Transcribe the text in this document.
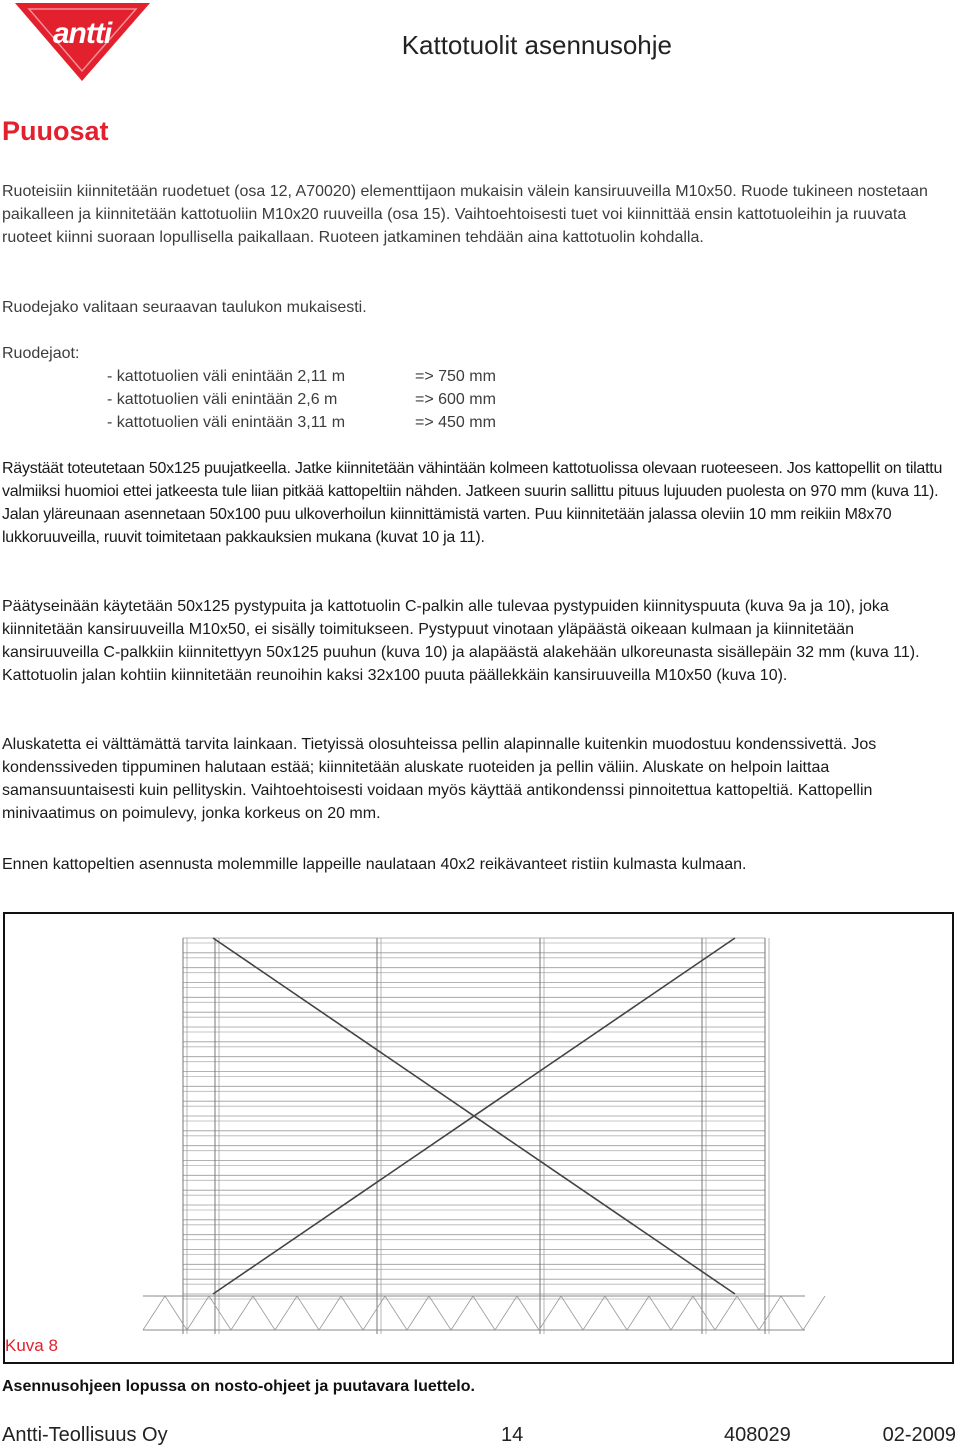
antti	Kattotuolit asennusohje
Puuosat
Ruoteisiin kiinnitetään ruodetuet (osa 12, A70020) elementtijaon mukaisin välein kansiruuveilla M10x50. Ruode tukineen nostetaan paikalleen ja kiinnitetään kattotuoliin M10x20 ruuveilla (osa 15). Vaihtoehtoisesti tuet voi kiinnittää ensin kattotuoleihin ja ruuvata ruoteet kiinni suoraan lopullisella paikallaan. Ruoteen jatkaminen tehdään aina kattotuolin kohdalla.
Ruodejako valitaan seuraavan taulukon mukaisesti.
Ruodejaot:
- kattotuolien väli enintään 2,11 m	=> 750 mm
- kattotuolien väli enintään 2,6 m	=> 600 mm
- kattotuolien väli enintään 3,11 m	=> 450 mm
Räystäät toteutetaan 50x125 puujatkeella. Jatke kiinnitetään vähintään kolmeen kattotuolissa olevaan ruoteeseen. Jos kattopellit on tilattu valmiiksi huomioi ettei jatkeesta tule liian pitkää kattopeltiin nähden. Jatkeen suurin sallittu pituus lujuuden puolesta on 970 mm (kuva 11). Jalan yläreunaan asennetaan 50x100 puu ulkoverhoilun kiinnittämistä varten. Puu kiinnitetään jalassa oleviin 10 mm reikiin M8x70 lukkoruuveilla, ruuvit toimitetaan pakkauksien mukana (kuvat 10 ja 11).
Päätyseinään käytetään 50x125 pystypuita ja kattotuolin C-palkin alle tulevaa pystypuiden kiinnityspuuta (kuva 9a ja 10), joka kiinnitetään kansiruuveilla M10x50, ei sisälly toimitukseen. Pystypuut vinotaan yläpäästä oikeaan kulmaan ja kiinnitetään kansiruuveilla C-palkkiin kiinnitettyyn 50x125 puuhun (kuva 10) ja alapäästä alakehään ulkoreunasta sisällepäin 32 mm (kuva 11). Kattotuolin jalan kohtiin kiinnitetään reunoihin kaksi 32x100 puuta päällekkäin kansiruuveilla M10x50 (kuva 10).
Aluskatetta ei välttämättä tarvita lainkaan. Tietyissä olosuhteissa pellin alapinnalle kuitenkin muodostuu kondenssivettä. Jos kondenssiveden tippuminen halutaan estää; kiinnitetään aluskate ruoteiden ja pellin väliin. Aluskate on helpoin laittaa samansuuntaisesti kuin pellityskin. Vaihtoehtoisesti voidaan myös käyttää antikondenssi pinnoitettua kattopeltiä. Kattopellin minivaatimus on poimulevy, jonka korkeus on 20 mm.
Ennen kattopeltien asennusta molemmille lappeille naulataan 40x2 reikävanteet ristiin kulmasta kulmaan.
Kuva 8
Asennusohjeen lopussa on nosto-ohjeet ja puutavara luettelo.
Antti-Teollisuus Oy	14	408029	02-2009
